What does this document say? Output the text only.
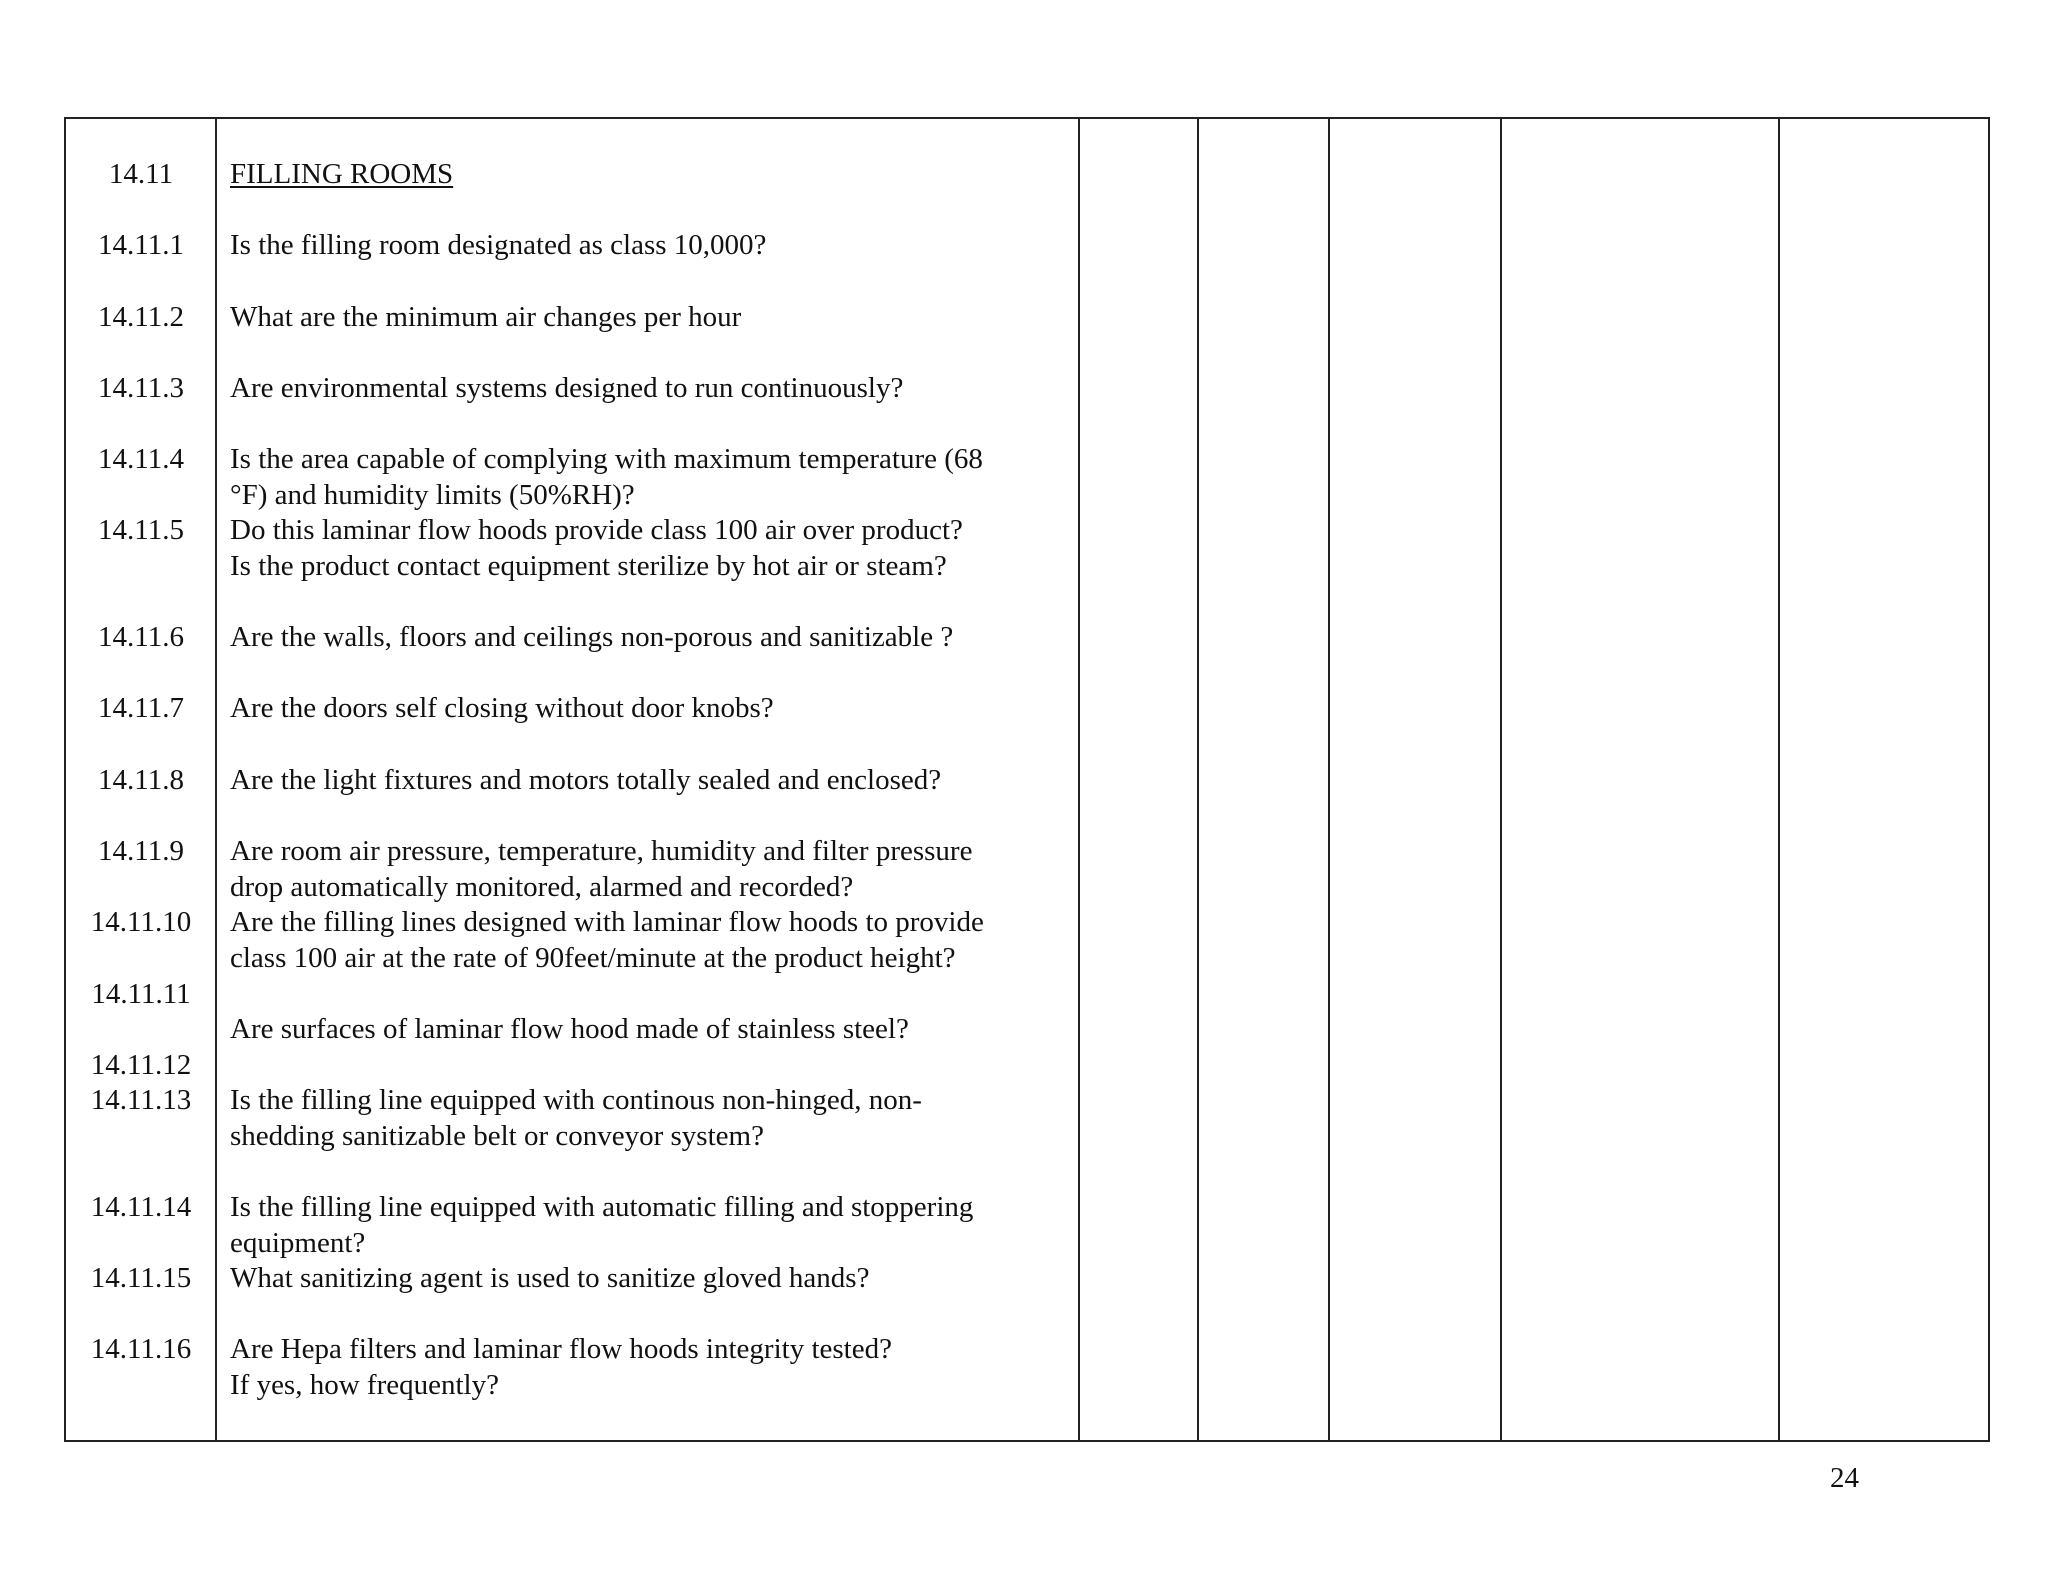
14.11	FILLING ROOMS
14.11.1
14.11.2
14.11.3
14.11.4
14.11.5
14.11.6
14.11.7
14.11.8
14.11.9
14.11.10
14.11.11
14.11.12
14.11.13
14.11.14
14.11.15
14.11.16
Is the filling room designated as class 10,000?
What are the minimum air changes per hour
Are environmental systems designed to run continuously?
Is the area capable of complying with maximum temperature (68
°F) and humidity limits (50%RH)?
Do this laminar flow hoods provide class 100 air over product?
Is the product contact equipment sterilize by hot air or steam?
Are the walls, floors and ceilings non-porous and sanitizable ?
Are the doors self closing without door knobs?
Are the light fixtures and motors totally sealed and enclosed?
Are room air pressure, temperature, humidity and filter pressure
drop automatically monitored, alarmed and recorded?
Are the filling lines designed with laminar flow hoods to provide
class 100 air at the rate of 90feet/minute at the product height?
Are surfaces of laminar flow hood made of stainless steel?
Is the filling line equipped with continous non-hinged, non-
shedding sanitizable belt or conveyor system?
Is the filling line equipped with automatic filling and stoppering
equipment?
What sanitizing agent is used to sanitize gloved hands?
Are Hepa filters and laminar flow hoods integrity tested?
If yes, how frequently?
24
